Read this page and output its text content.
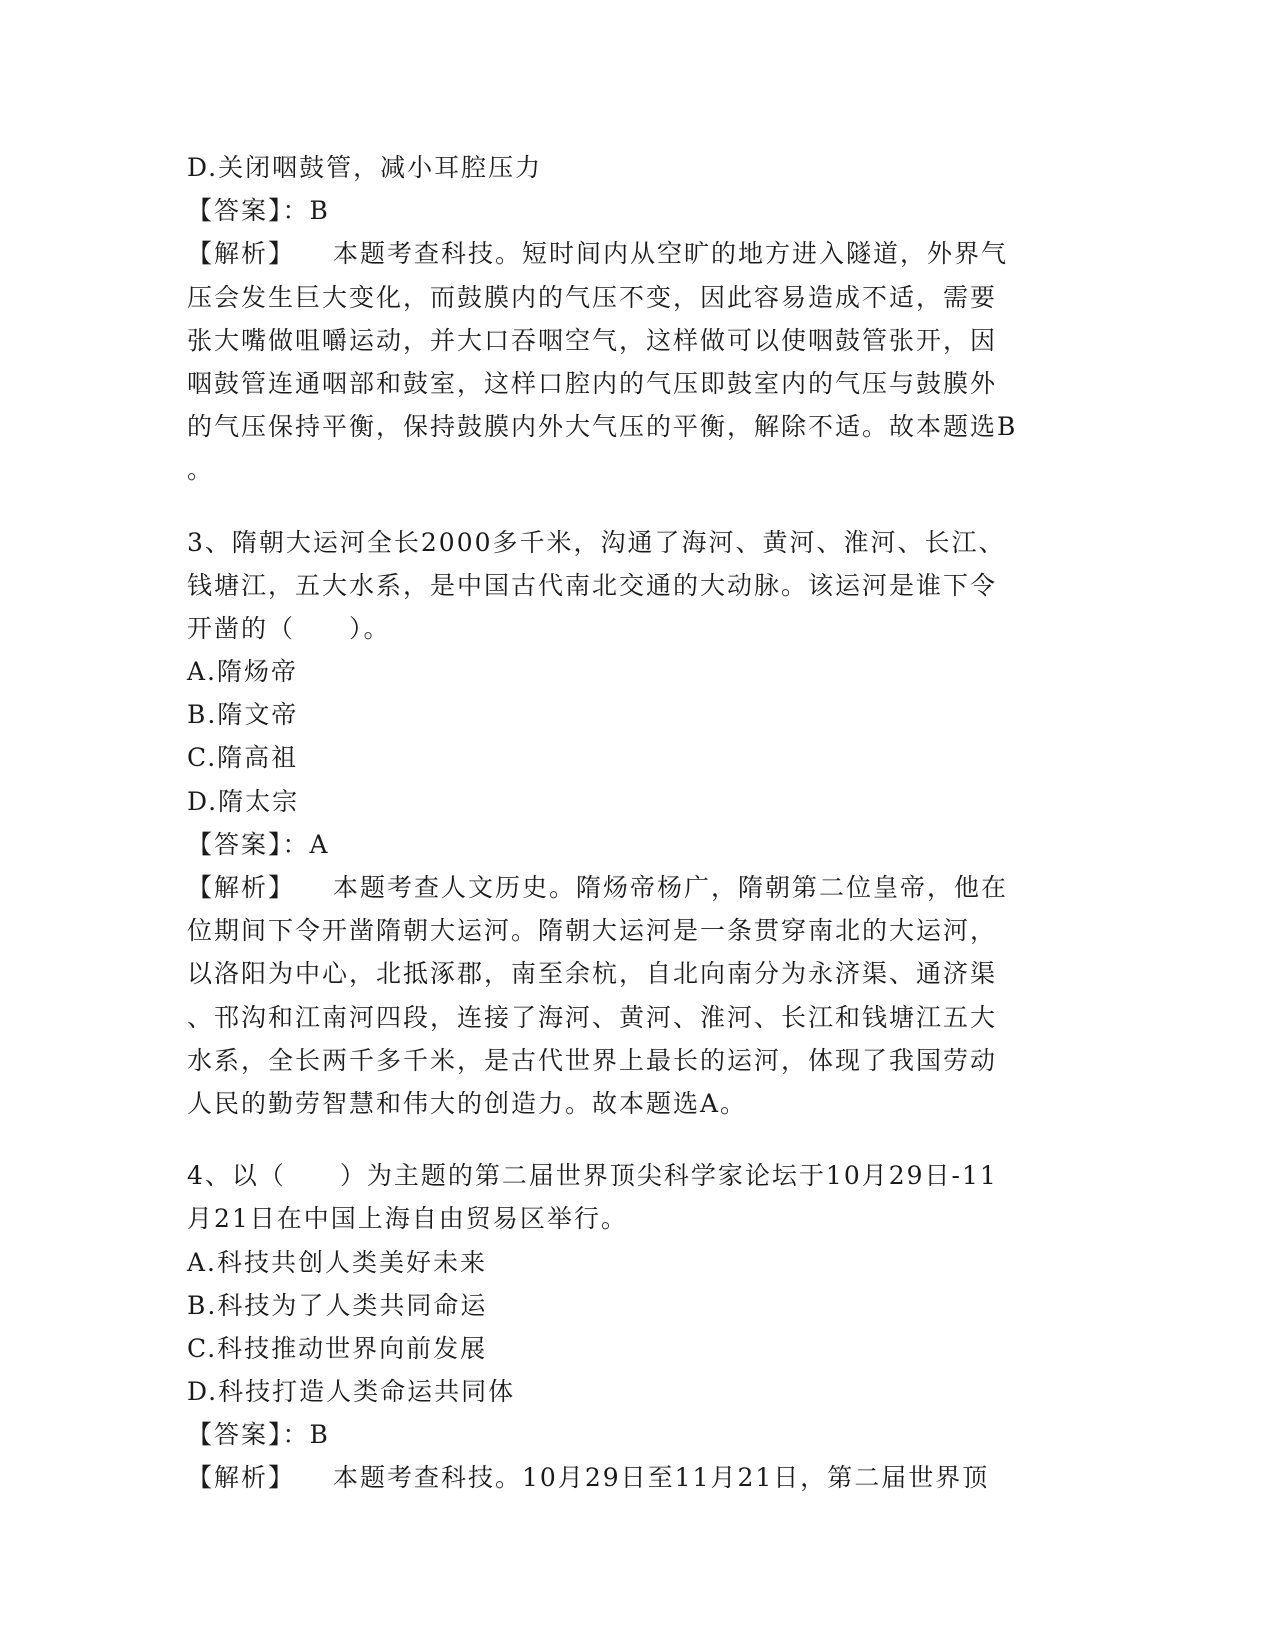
D.关闭咽鼓管，减小耳腔压力
【答案】：B
【解析】 本题考查科技。短时间内从空旷的地方进入隧道，外界气
压会发生巨大变化，而鼓膜内的气压不变，因此容易造成不适，需要
张大嘴做咀嚼运动，并大口吞咽空气，这样做可以使咽鼓管张开，因
咽鼓管连通咽部和鼓室，这样口腔内的气压即鼓室内的气压与鼓膜外
的气压保持平衡，保持鼓膜内外大气压的平衡，解除不适。故本题选B
。
3、隋朝大运河全长2000多千米，沟通了海河、黄河、淮河、长江、
钱塘江，五大水系，是中国古代南北交通的大动脉。该运河是谁下令
开凿的（　　）。
A.隋炀帝
B.隋文帝
C.隋高祖
D.隋太宗
【答案】：A
【解析】 本题考查人文历史。隋炀帝杨广，隋朝第二位皇帝，他在
位期间下令开凿隋朝大运河。隋朝大运河是一条贯穿南北的大运河，
以洛阳为中心，北抵涿郡，南至余杭，自北向南分为永济渠、通济渠
、邗沟和江南河四段，连接了海河、黄河、淮河、长江和钱塘江五大
水系，全长两千多千米，是古代世界上最长的运河，体现了我国劳动
人民的勤劳智慧和伟大的创造力。故本题选A。
4、以（　　）为主题的第二届世界顶尖科学家论坛于10月29日-11
月21日在中国上海自由贸易区举行。
A.科技共创人类美好未来
B.科技为了人类共同命运
C.科技推动世界向前发展
D.科技打造人类命运共同体
【答案】：B
【解析】 本题考查科技。10月29日至11月21日，第二届世界顶
